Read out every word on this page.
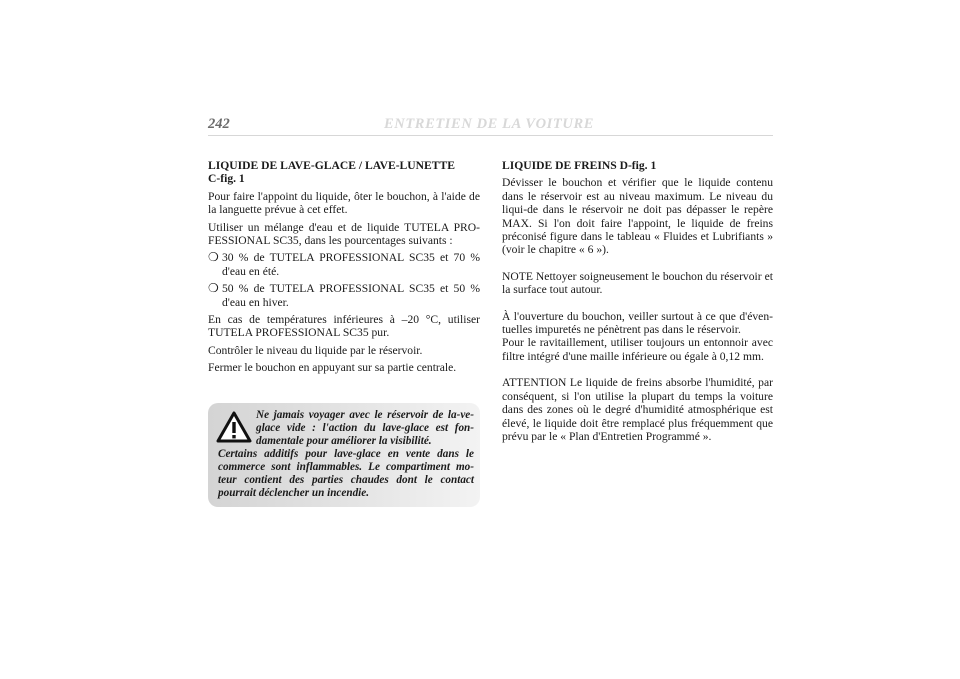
242	ENTRETIEN DE LA VOITURE
LIQUIDE DE LAVE-GLACE / LAVE-LUNETTE
C-fig. 1

Pour faire l'appoint du liquide, ôter le bouchon, à l'aide de la languette prévue à cet effet.

Utiliser un mélange d'eau et de liquide TUTELA PRO-FESSIONAL SC35, dans les pourcentages suivants :

❍ 30 % de TUTELA PROFESSIONAL SC35 et 70 % d'eau en été.
❍ 50 % de TUTELA PROFESSIONAL SC35 et 50 % d'eau en hiver.

En cas de températures inférieures à –20 °C, utiliser TUTELA PROFESSIONAL SC35 pur.

Contrôler le niveau du liquide par le réservoir.

Fermer le bouchon en appuyant sur sa partie centrale.

Ne jamais voyager avec le réservoir de la-ve-glace vide : l'action du lave-glace est fon-damentale pour améliorer la visibilité.
Certains additifs pour lave-glace en vente dans le commerce sont inflammables. Le compartiment mo-teur contient des parties chaudes dont le contact pourrait déclencher un incendie.
LIQUIDE DE FREINS D-fig. 1

Dévisser le bouchon et vérifier que le liquide contenu dans le réservoir est au niveau maximum. Le niveau du liqui-de dans le réservoir ne doit pas dépasser le repère MAX. Si l'on doit faire l'appoint, le liquide de freins préconisé figure dans le tableau « Fluides et Lubrifiants » (voir le chapitre « 6 »).

NOTE Nettoyer soigneusement le bouchon du réservoir et la surface tout autour.

À l'ouverture du bouchon, veiller surtout à ce que d'éven-tuelles impuretés ne pénètrent pas dans le réservoir.

Pour le ravitaillement, utiliser toujours un entonnoir avec filtre intégré d'une maille inférieure ou égale à 0,12 mm.

ATTENTION Le liquide de freins absorbe l'humidité, par conséquent, si l'on utilise la plupart du temps la voiture dans des zones où le degré d'humidité atmosphérique est élevé, le liquide doit être remplacé plus fréquemment que prévu par le « Plan d'Entretien Programmé ».
